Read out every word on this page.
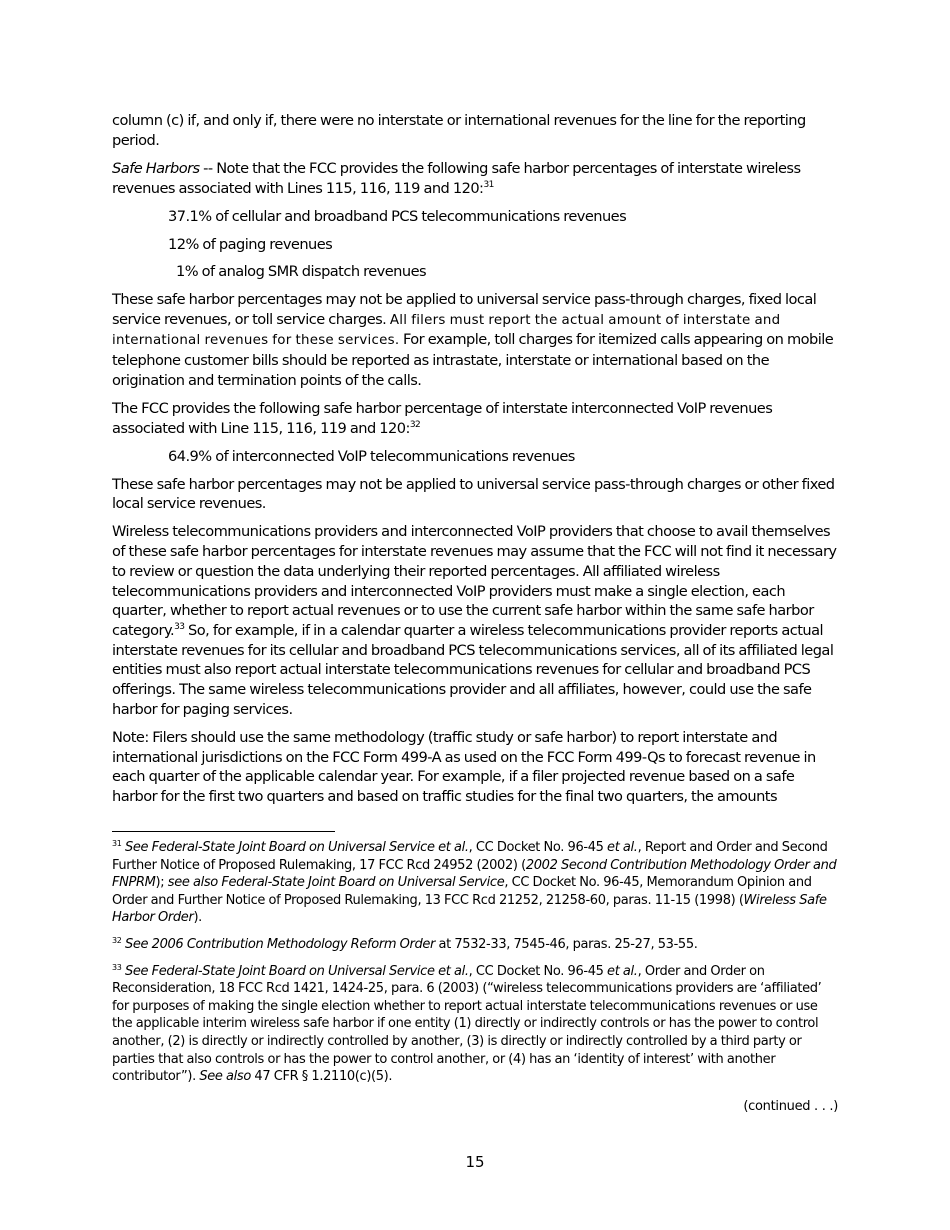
column (c) if, and only if, there were no interstate or international revenues for the line for the reporting period.

Safe Harbors -- Note that the FCC provides the following safe harbor percentages of interstate wireless revenues associated with Lines 115, 116, 119 and 120:$^{31}$

37.1% of cellular and broadband PCS telecommunications revenues

12% of paging revenues

1% of analog SMR dispatch revenues

These safe harbor percentages may not be applied to universal service pass-through charges, fixed local service revenues, or toll service charges. All filers must report the actual amount of interstate and international revenues for these services. For example, toll charges for itemized calls appearing on mobile telephone customer bills should be reported as intrastate, interstate or international based on the origination and termination points of the calls.

The FCC provides the following safe harbor percentage of interstate interconnected VoIP revenues associated with Line 115, 116, 119 and 120:$^{32}$

64.9% of interconnected VoIP telecommunications revenues

These safe harbor percentages may not be applied to universal service pass-through charges or other fixed local service revenues.

Wireless telecommunications providers and interconnected VoIP providers that choose to avail themselves of these safe harbor percentages for interstate revenues may assume that the FCC will not find it necessary to review or question the data underlying their reported percentages. All affiliated wireless telecommunications providers and interconnected VoIP providers must make a single election, each quarter, whether to report actual revenues or to use the current safe harbor within the same safe harbor category.$^{33}$ So, for example, if in a calendar quarter a wireless telecommunications provider reports actual interstate revenues for its cellular and broadband PCS telecommunications services, all of its affiliated legal entities must also report actual interstate telecommunications revenues for cellular and broadband PCS offerings. The same wireless telecommunications provider and all affiliates, however, could use the safe harbor for paging services.

Note: Filers should use the same methodology (traffic study or safe harbor) to report interstate and international jurisdictions on the FCC Form 499-A as used on the FCC Form 499-Qs to forecast revenue in each quarter of the applicable calendar year. For example, if a filer projected revenue based on a safe harbor for the first two quarters and based on traffic studies for the final two quarters, the amounts

$^{31}$ See Federal-State Joint Board on Universal Service et al., CC Docket No. 96-45 et al., Report and Order and Second Further Notice of Proposed Rulemaking, 17 FCC Rcd 24952 (2002) (2002 Second Contribution Methodology Order and FNPRM); see also Federal-State Joint Board on Universal Service, CC Docket No. 96-45, Memorandum Opinion and Order and Further Notice of Proposed Rulemaking, 13 FCC Rcd 21252, 21258-60, paras. 11-15 (1998) (Wireless Safe Harbor Order).

$^{32}$ See 2006 Contribution Methodology Reform Order at 7532-33, 7545-46, paras. 25-27, 53-55.

$^{33}$ See Federal-State Joint Board on Universal Service et al., CC Docket No. 96-45 et al., Order and Order on Reconsideration, 18 FCC Rcd 1421, 1424-25, para. 6 (2003) (“wireless telecommunications providers are ‘affiliated’ for purposes of making the single election whether to report actual interstate telecommunications revenues or use the applicable interim wireless safe harbor if one entity (1) directly or indirectly controls or has the power to control another, (2) is directly or indirectly controlled by another, (3) is directly or indirectly controlled by a third party or parties that also controls or has the power to control another, or (4) has an ‘identity of interest’ with another contributor”). See also 47 CFR § 1.2110(c)(5).

(continued . . .)
15
